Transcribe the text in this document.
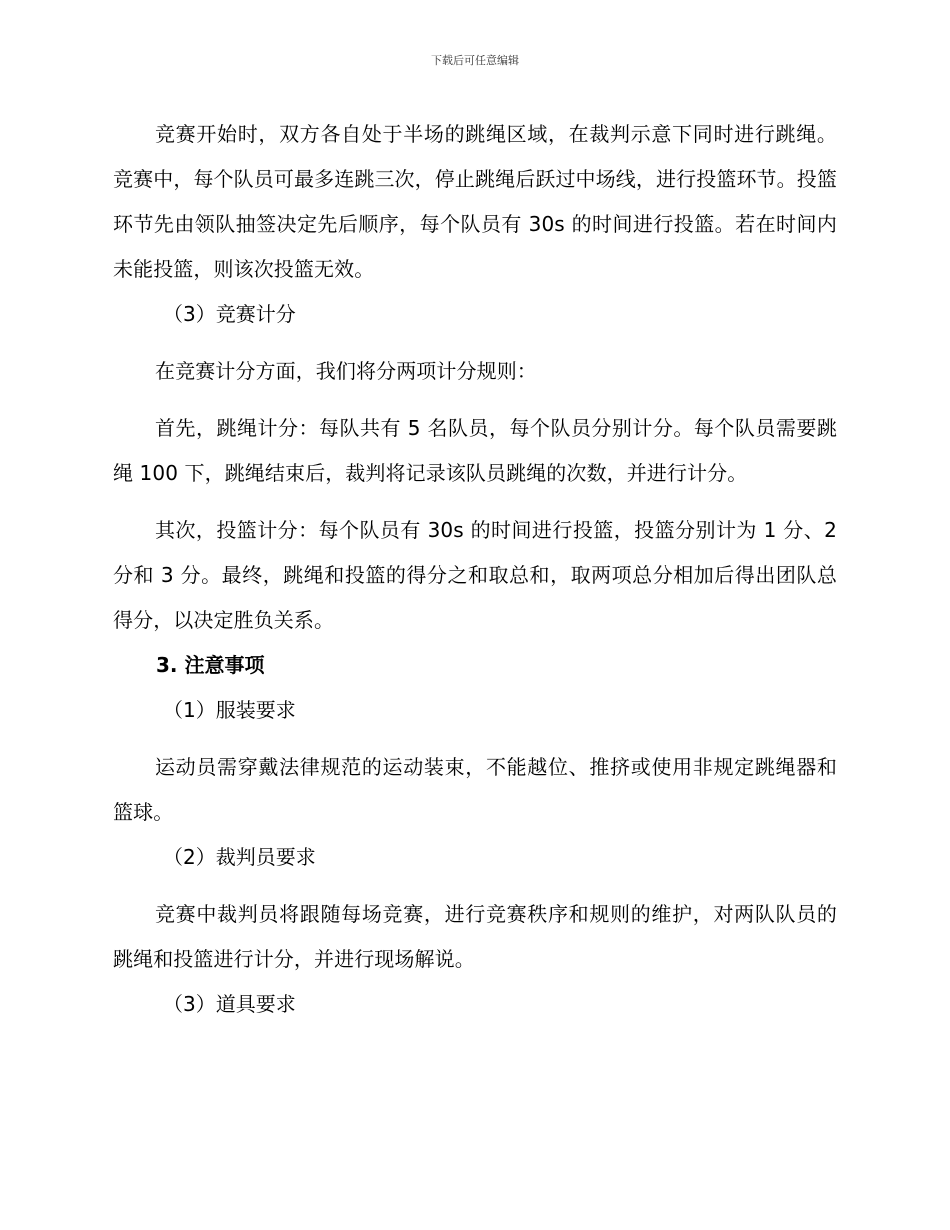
下载后可任意编辑

竞赛开始时，双方各自处于半场的跳绳区域，在裁判示意下同时进行跳绳。竞赛中，每个队员可最多连跳三次，停止跳绳后跃过中场线，进行投篮环节。投篮环节先由领队抽签决定先后顺序，每个队员有 30s 的时间进行投篮。若在时间内未能投篮，则该次投篮无效。

（3）竞赛计分

在竞赛计分方面，我们将分两项计分规则：

首先，跳绳计分：每队共有 5 名队员，每个队员分别计分。每个队员需要跳绳 100 下，跳绳结束后，裁判将记录该队员跳绳的次数，并进行计分。

其次，投篮计分：每个队员有 30s 的时间进行投篮，投篮分别计为 1 分、2 分和 3 分。最终，跳绳和投篮的得分之和取总和，取两项总分相加后得出团队总得分，以决定胜负关系。

3. 注意事项

（1）服装要求

运动员需穿戴法律规范的运动装束，不能越位、推挤或使用非规定跳绳器和篮球。

（2）裁判员要求

竞赛中裁判员将跟随每场竞赛，进行竞赛秩序和规则的维护，对两队队员的跳绳和投篮进行计分，并进行现场解说。

（3）道具要求
